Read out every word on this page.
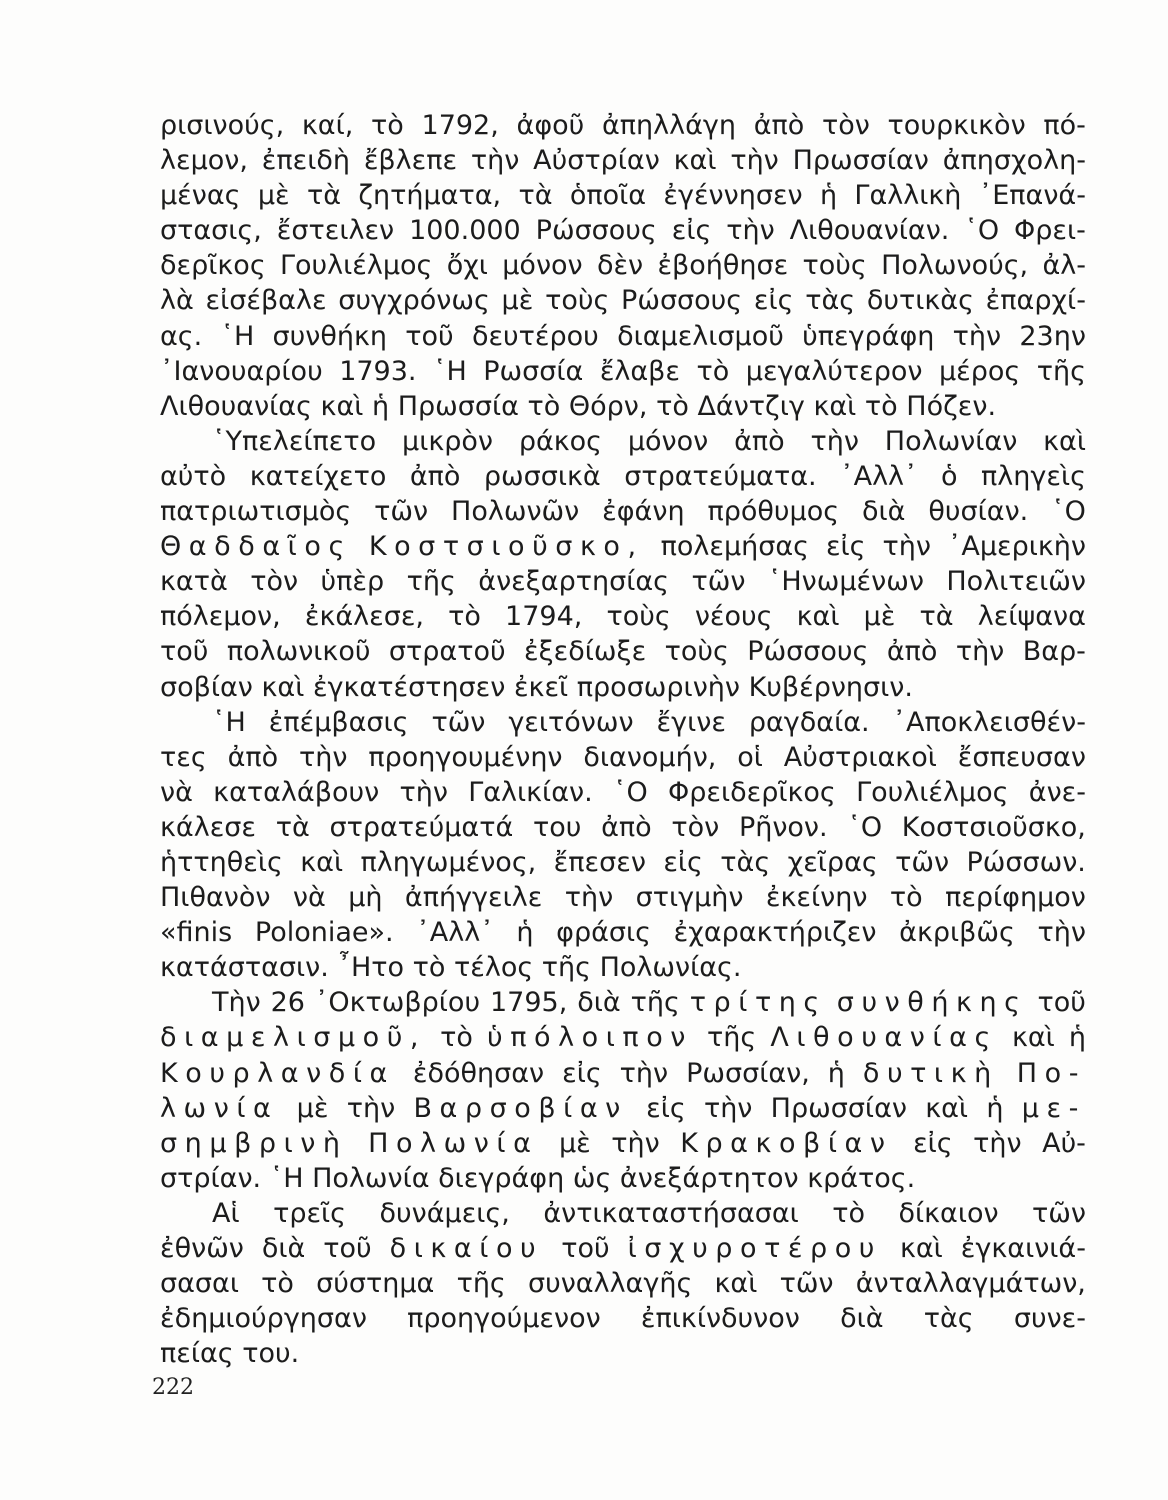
ρισινούς, καί, τὸ 1792, ἀφοῦ ἀπηλλάγη ἀπὸ τὸν τουρκικὸν πό-
λεμον, ἐπειδὴ ἔβλεπε τὴν Αὐστρίαν καὶ τὴν Πρωσσίαν ἀπησχολη-
μένας μὲ τὰ ζητήματα, τὰ ὁποῖα ἐγέννησεν ἡ Γαλλικὴ ᾿Επανά-
στασις, ἔστειλεν 100.000 Ρώσσους εἰς τὴν Λιθουανίαν. ῾Ο Φρει-
δερῖκος Γουλιέλμος ὄχι μόνον δὲν ἐβοήθησε τοὺς Πολωνούς, ἀλ-
λὰ εἰσέβαλε συγχρόνως μὲ τοὺς Ρώσσους εἰς τὰς δυτικὰς ἐπαρχί-
ας. ῾Η συνθήκη τοῦ δευτέρου διαμελισμοῦ ὑπεγράφη τὴν 23ην
᾿Ιανουαρίου 1793. ῾Η Ρωσσία ἔλαβε τὸ μεγαλύτερον μέρος τῆς
Λιθουανίας
καὶ
ἡ
Πρωσσία
τὸ
Θόρν,
τὸ
Δάντζιγ
καὶ
τὸ
Πόζεν.
῾Υπελείπετο μικρὸν ράκος μόνον ἀπὸ τὴν Πολωνίαν καὶ
αὐτὸ κατείχετο ἀπὸ ρωσσικὰ στρατεύματα. ᾿Αλλ᾿ ὁ πληγεὶς
πατριωτισμὸς τῶν Πολωνῶν ἐφάνη πρόθυμος διὰ θυσίαν. ῾Ο
Θαδδαῖος Κοστσιοῦσκο, πολεμήσας εἰς τὴν ᾿Αμερικὴν
κατὰ τὸν ὑπὲρ τῆς ἀνεξαρτησίας τῶν ῾Ηνωμένων Πολιτειῶν
πόλεμον, ἐκάλεσε, τὸ 1794, τοὺς νέους καὶ μὲ τὰ λείψανα
τοῦ πολωνικοῦ στρατοῦ ἐξεδίωξε τοὺς Ρώσσους ἀπὸ τὴν Βαρ-
σοβίαν
καὶ
ἐγκατέστησεν
ἐκεῖ
προσωρινὴν
Κυβέρνησιν.
῾Η ἐπέμβασις τῶν γειτόνων ἔγινε ραγδαία. ᾿Αποκλεισθέν-
τες ἀπὸ τὴν προηγουμένην διανομήν, οἱ Αὐστριακοὶ ἔσπευσαν
νὰ καταλάβουν τὴν Γαλικίαν. ῾Ο Φρειδερῖκος Γουλιέλμος ἀνε-
κάλεσε τὰ στρατεύματά του ἀπὸ τὸν Ρῆνον. ῾Ο Κοστσιοῦσκο,
ἡττηθεὶς καὶ πληγωμένος, ἔπεσεν εἰς τὰς χεῖρας τῶν Ρώσσων.
Πιθανὸν νὰ μὴ ἀπήγγειλε τὴν στιγμὴν ἐκείνην τὸ περίφημον
«finis Poloniae». ᾿Αλλ᾿ ἡ φράσις ἐχαρακτήριζεν ἀκριβῶς τὴν
κατάστασιν.
῏Ητο
τὸ
τέλος
τῆς
Πολωνίας.
Τὴν 26 ᾿Οκτωβρίου 1795, διὰ τῆς τρίτης συνθήκης τοῦ
διαμελισμοῦ, τὸ ὑπόλοιπον τῆς Λιθουανίας καὶ ἡ
Κουρλανδία ἐδόθησαν εἰς τὴν Ρωσσίαν, ἡ δυτικὴ Πο-
λωνία μὲ τὴν Βαρσοβίαν εἰς τὴν Πρωσσίαν καὶ ἡ με-
σημβρινὴ Πολωνία μὲ τὴν Κρακοβίαν εἰς τὴν Αὐ-
στρίαν.
῾Η
Πολωνία
διεγράφη
ὡς
ἀνεξάρτητον
κράτος.
Αἱ τρεῖς δυνάμεις, ἀντικαταστήσασαι τὸ δίκαιον τῶν
ἐθνῶν διὰ τοῦ δικαίου τοῦ ἰσχυροτέρου καὶ ἐγκαινιά-
σασαι τὸ σύστημα τῆς συναλλαγῆς καὶ τῶν ἀνταλλαγμάτων,
ἐδημιούργησαν προηγούμενον ἐπικίνδυνον διὰ τὰς συνε-
πείας
του.
222
